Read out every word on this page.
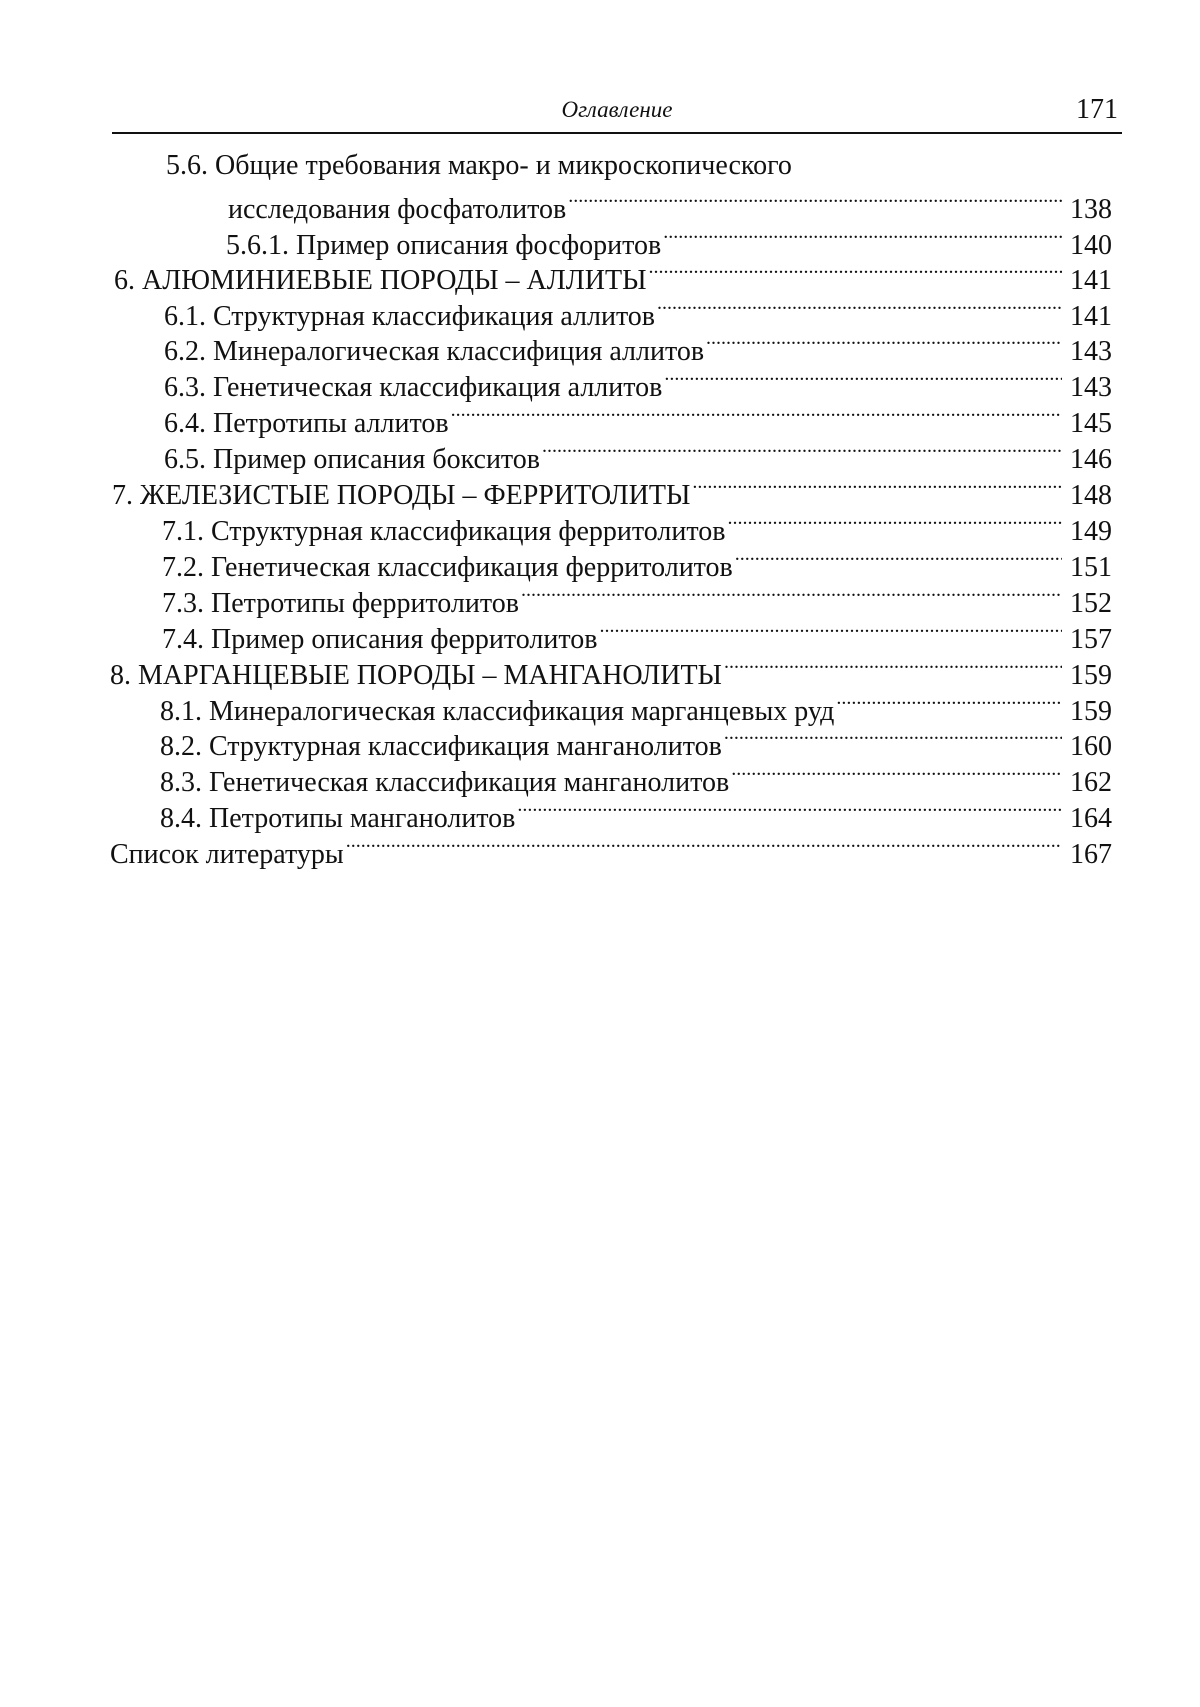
Оглавление	171
5.6. Общие требования макро- и микроскопического
исследования фосфатолитов .....	138
5.6.1. Пример описания фосфоритов .....	140
6. АЛЮМИНИЕВЫЕ ПОРОДЫ – АЛЛИТЫ .....	141
6.1. Структурная классификация аллитов .....	141
6.2. Минералогическая классифиция аллитов .....	143
6.3. Генетическая классификация аллитов .....	143
6.4. Петротипы аллитов .....	145
6.5. Пример описания бокситов .....	146
7. ЖЕЛЕЗИСТЫЕ ПОРОДЫ – ФЕРРИТОЛИТЫ .....	148
7.1. Структурная классификация ферритолитов .....	149
7.2. Генетическая классификация ферритолитов .....	151
7.3. Петротипы ферритолитов .....	152
7.4. Пример описания ферритолитов .....	157
8. МАРГАНЦЕВЫЕ ПОРОДЫ – МАНГАНОЛИТЫ .....	159
8.1. Минералогическая классификация марганцевых руд .....	159
8.2. Структурная классификация манганолитов .....	160
8.3. Генетическая классификация манганолитов .....	162
8.4. Петротипы манганолитов .....	164
Список литературы .....	167
